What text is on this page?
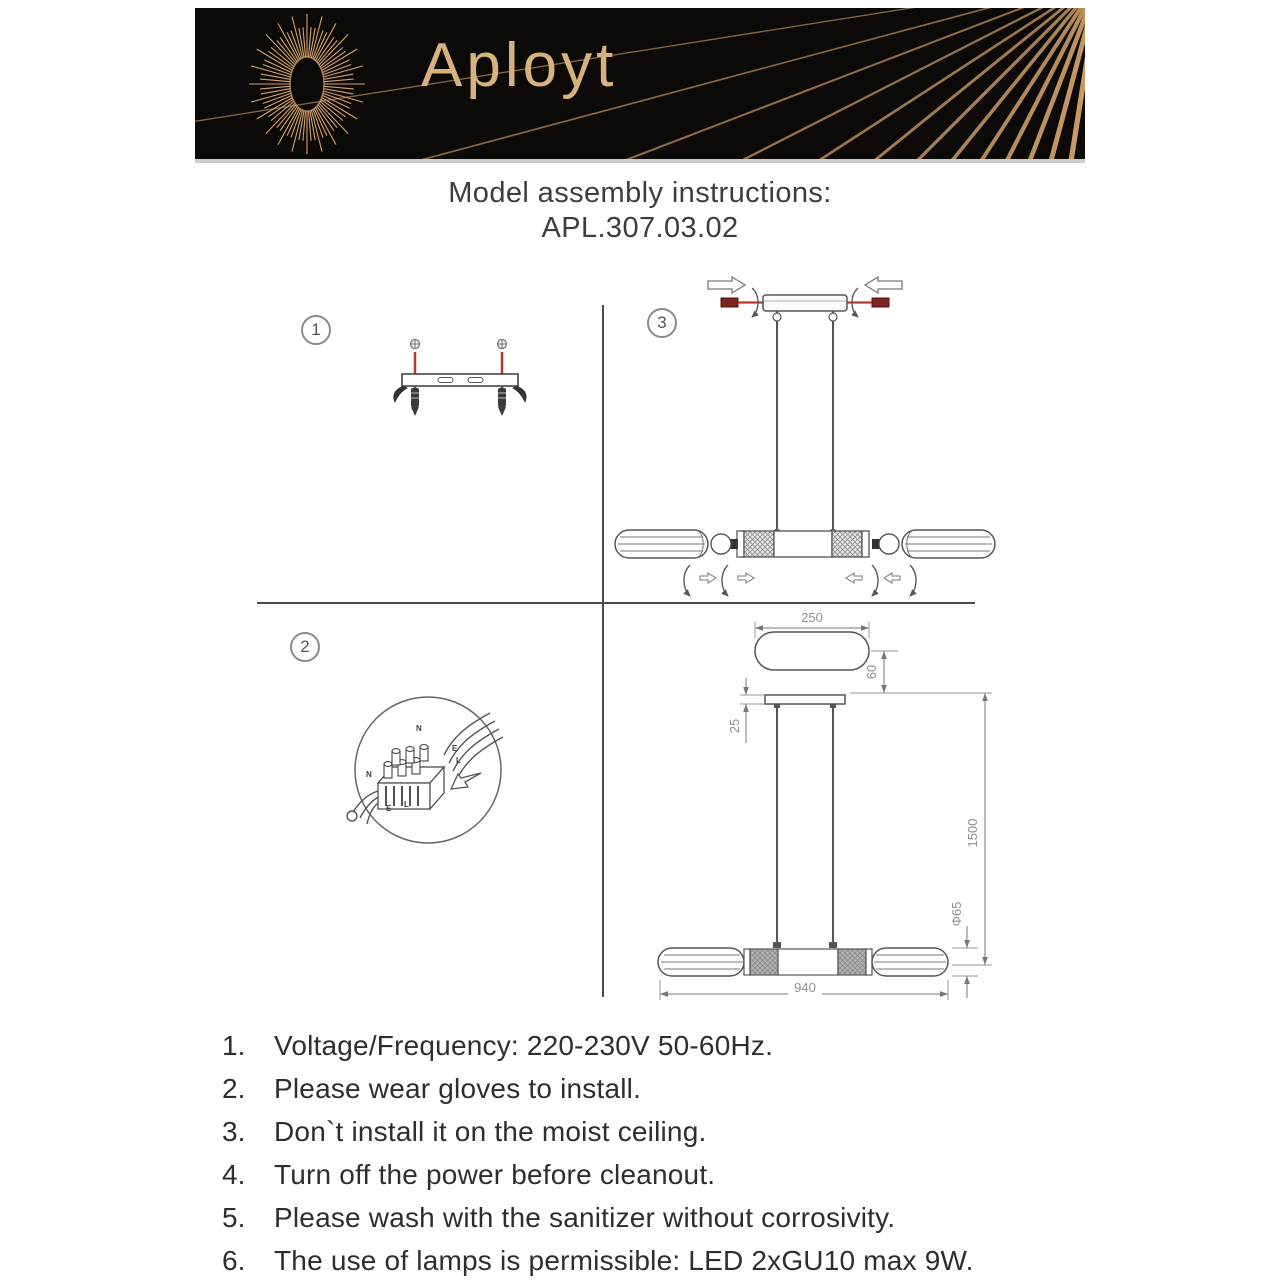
Aployt
Model assembly instructions:
APL.307.03.02
1
2
3
N
E
L
N
E L
250
60
25
1500
Φ65
940
1.	Voltage/Frequency: 220-230V 50-60Hz.
2.	Please wear gloves to install.
3.	Don`t install it on the moist ceiling.
4.	Turn off the power before cleanout.
5.	Please wash with the sanitizer without corrosivity.
6.	The use of lamps is permissible: LED 2xGU10 max 9W.
